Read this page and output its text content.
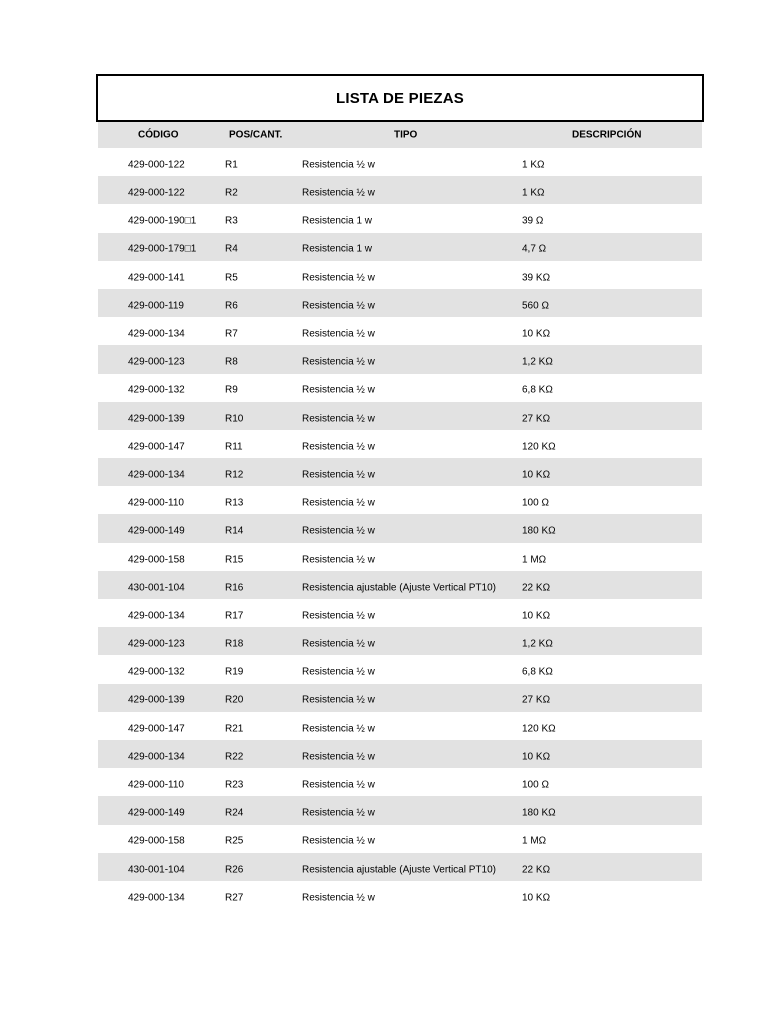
LISTA DE PIEZAS
CÓDIGO	POS/CANT.	TIPO	DESCRIPCIÓN
429-000-122	R1	Resistencia ½ w	1 KΩ
429-000-122	R2	Resistencia ½ w	1 KΩ
429-000-190□1	R3	Resistencia 1 w	39 Ω
429-000-179□1	R4	Resistencia 1 w	4,7 Ω
429-000-141	R5	Resistencia ½ w	39 KΩ
429-000-119	R6	Resistencia ½ w	560 Ω
429-000-134	R7	Resistencia ½ w	10 KΩ
429-000-123	R8	Resistencia ½ w	1,2 KΩ
429-000-132	R9	Resistencia ½ w	6,8 KΩ
429-000-139	R10	Resistencia ½ w	27 KΩ
429-000-147	R11	Resistencia ½ w	120 KΩ
429-000-134	R12	Resistencia ½ w	10 KΩ
429-000-110	R13	Resistencia ½ w	100 Ω
429-000-149	R14	Resistencia ½ w	180 KΩ
429-000-158	R15	Resistencia ½ w	1 MΩ
430-001-104	R16	Resistencia ajustable (Ajuste Vertical PT10)	22 KΩ
429-000-134	R17	Resistencia ½ w	10 KΩ
429-000-123	R18	Resistencia ½ w	1,2 KΩ
429-000-132	R19	Resistencia ½ w	6,8 KΩ
429-000-139	R20	Resistencia ½ w	27 KΩ
429-000-147	R21	Resistencia ½ w	120 KΩ
429-000-134	R22	Resistencia ½ w	10 KΩ
429-000-110	R23	Resistencia ½ w	100 Ω
429-000-149	R24	Resistencia ½ w	180 KΩ
429-000-158	R25	Resistencia ½ w	1 MΩ
430-001-104	R26	Resistencia ajustable (Ajuste Vertical PT10)	22 KΩ
429-000-134	R27	Resistencia ½ w	10 KΩ
